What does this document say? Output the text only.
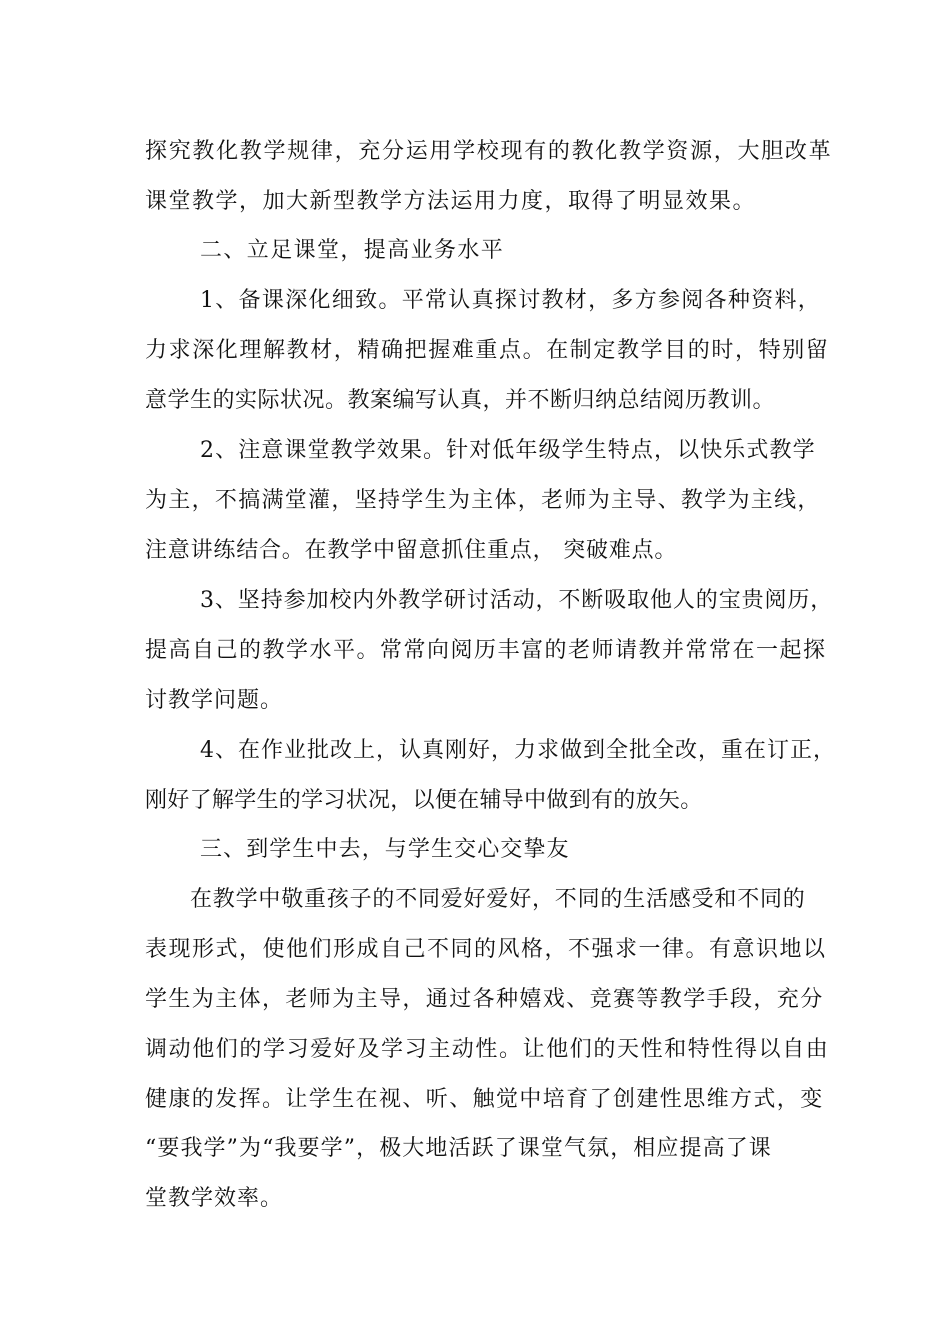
探究教化教学规律，充分运用学校现有的教化教学资源，大胆改革
课堂教学，加大新型教学方法运用力度，取得了明显效果。
二、立足课堂，提高业务水平
1、备课深化细致。平常认真探讨教材，多方参阅各种资料，
力求深化理解教材，精确把握难重点。在制定教学目的时，特别留
意学生的实际状况。教案编写认真，并不断归纳总结阅历教训。
2、注意课堂教学效果。针对低年级学生特点，以快乐式教学
为主，不搞满堂灌，坚持学生为主体，老师为主导、教学为主线，
注意讲练结合。在教学中留意抓住重点， 突破难点。
3、坚持参加校内外教学研讨活动，不断吸取他人的宝贵阅历，
提高自己的教学水平。常常向阅历丰富的老师请教并常常在一起探
讨教学问题。
4、在作业批改上，认真刚好，力求做到全批全改，重在订正，
刚好了解学生的学习状况，以便在辅导中做到有的放矢。
三、到学生中去，与学生交心交挚友
在教学中敬重孩子的不同爱好爱好，不同的生活感受和不同的
表现形式，使他们形成自己不同的风格，不强求一律。有意识地以
学生为主体，老师为主导，通过各种嬉戏、竞赛等教学手段，充分
调动他们的学习爱好及学习主动性。让他们的天性和特性得以自由
健康的发挥。让学生在视、听、触觉中培育了创建性思维方式，变
“要我学”为“我要学”，极大地活跃了课堂气氛，相应提高了课
堂教学效率。
